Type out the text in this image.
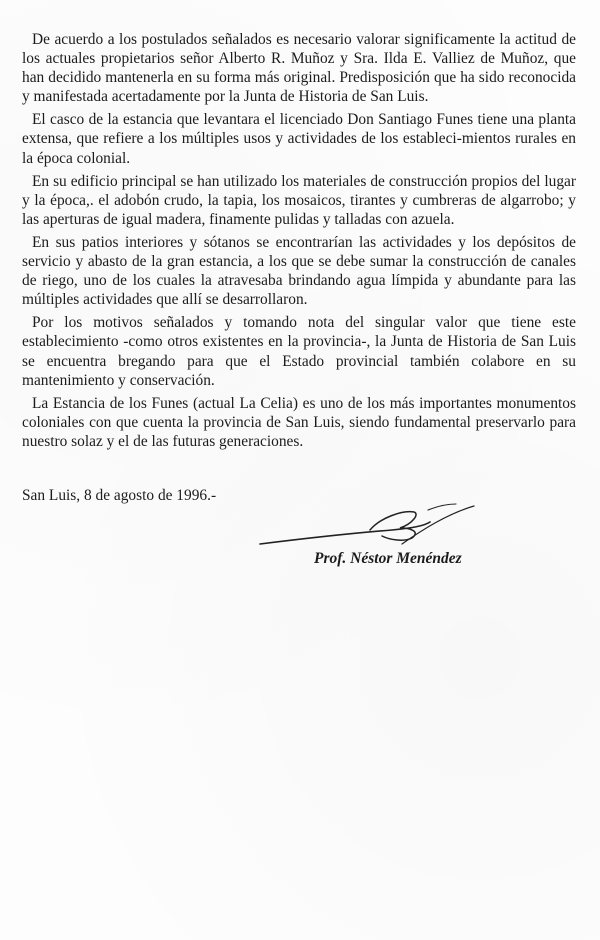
De acuerdo a los postulados señalados es necesario valorar significamente la actitud de los actuales propietarios señor Alberto R. Muñoz y Sra. Ilda E. Valliez de Muñoz, que han decidido mantenerla en su forma más original. Predisposición que ha sido reconocida y manifestada acertadamente por la Junta de Historia de San Luis.

El casco de la estancia que levantara el licenciado Don Santiago Funes tiene una planta extensa, que refiere a los múltiples usos y actividades de los estableci-mientos rurales en la época colonial.

En su edificio principal se han utilizado los materiales de construcción propios del lugar y la época,. el adobón crudo, la tapia, los mosaicos, tirantes y cumbreras de algarrobo; y las aperturas de igual madera, finamente pulidas y talladas con azuela.

En sus patios interiores y sótanos se encontrarían las actividades y los depósitos de servicio y abasto de la gran estancia, a los que se debe sumar la construcción de canales de riego, uno de los cuales la atravesaba brindando agua límpida y abundante para las múltiples actividades que allí se desarrollaron.

Por los motivos señalados y tomando nota del singular valor que tiene este establecimiento -como otros existentes en la provincia-, la Junta de Historia de San Luis se encuentra bregando para que el Estado provincial también colabore en su mantenimiento y conservación.

La Estancia de los Funes (actual La Celia) es uno de los más importantes monumentos coloniales con que cuenta la provincia de San Luis, siendo fundamental preservarlo para nuestro solaz y el de las futuras generaciones.

San Luis, 8 de agosto de 1996.-
Prof. Néstor Menéndez
